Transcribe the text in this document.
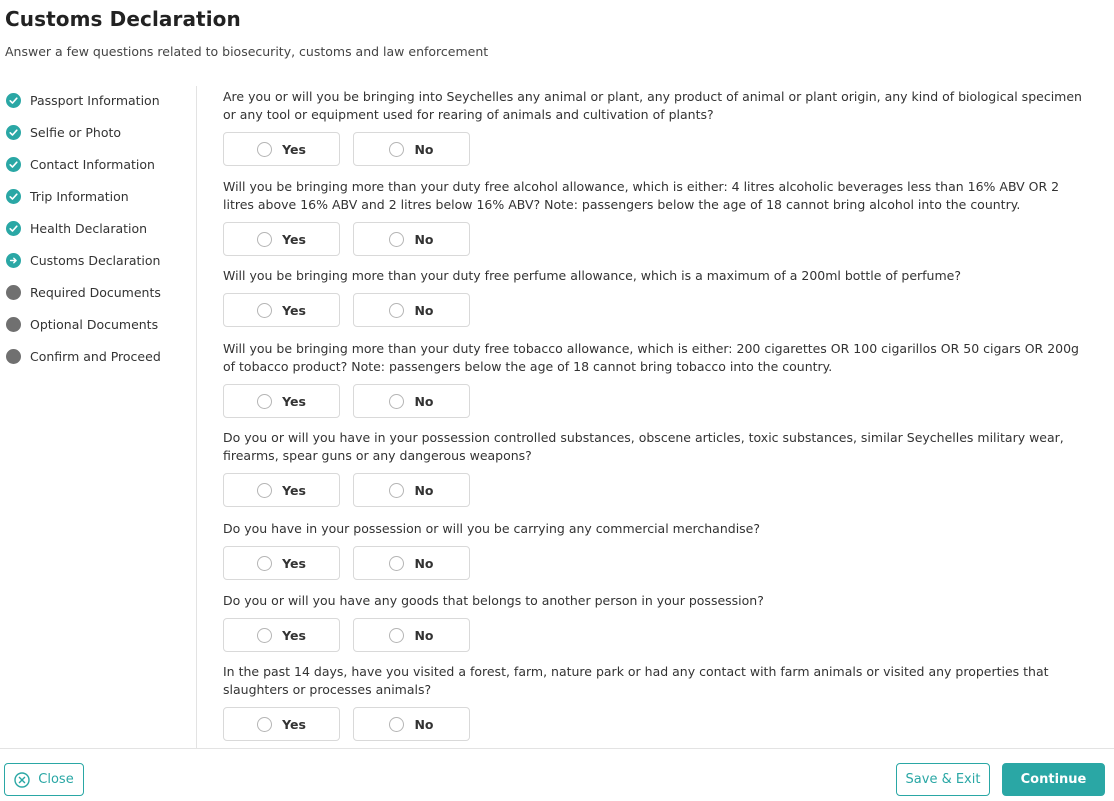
Customs Declaration
Answer a few questions related to biosecurity, customs and law enforcement
Passport Information
Selfie or Photo
Contact Information
Trip Information
Health Declaration
Customs Declaration
Required Documents
Optional Documents
Confirm and Proceed
Are you or will you be bringing into Seychelles any animal or plant, any product of animal or plant origin, any kind of biological specimen or any tool or equipment used for rearing of animals and cultivation of plants?
Yes	No
Will you be bringing more than your duty free alcohol allowance, which is either: 4 litres alcoholic beverages less than 16% ABV OR 2 litres above 16% ABV and 2 litres below 16% ABV? Note: passengers below the age of 18 cannot bring alcohol into the country.
Yes	No
Will you be bringing more than your duty free perfume allowance, which is a maximum of a 200ml bottle of perfume?
Yes	No
Will you be bringing more than your duty free tobacco allowance, which is either: 200 cigarettes OR 100 cigarillos OR 50 cigars OR 200g of tobacco product? Note: passengers below the age of 18 cannot bring tobacco into the country.
Yes	No
Do you or will you have in your possession controlled substances, obscene articles, toxic substances, similar Seychelles military wear, firearms, spear guns or any dangerous weapons?
Yes	No
Do you have in your possession or will you be carrying any commercial merchandise?
Yes	No
Do you or will you have any goods that belongs to another person in your possession?
Yes	No
In the past 14 days, have you visited a forest, farm, nature park or had any contact with farm animals or visited any properties that slaughters or processes animals?
Yes	No
Close	Save & Exit	Continue
